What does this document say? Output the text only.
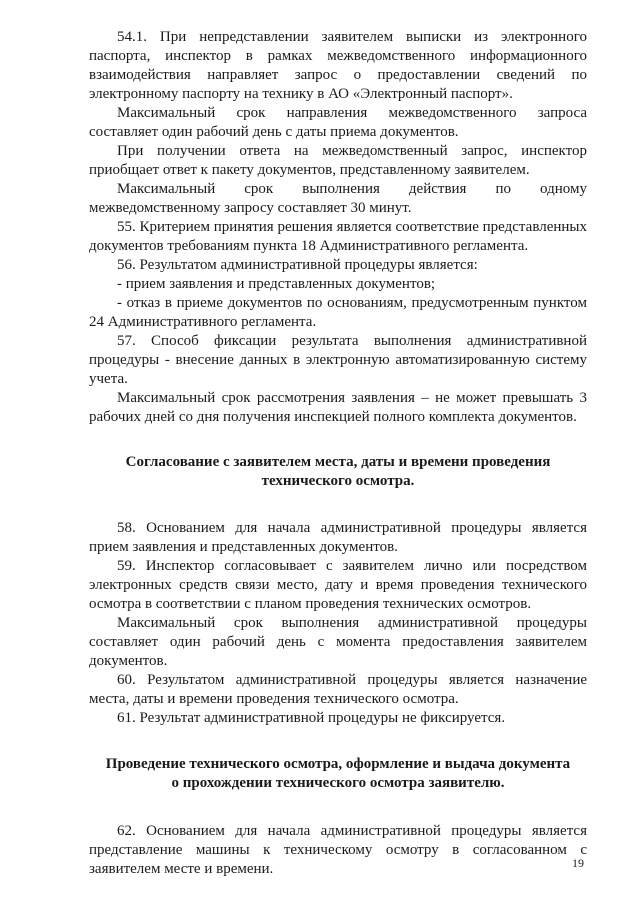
54.1. При непредставлении заявителем выписки из электронного паспорта, инспектор в рамках межведомственного информационного взаимодействия направляет запрос о предоставлении сведений по электронному паспорту на технику в АО «Электронный паспорт».

Максимальный срок направления межведомственного запроса составляет один рабочий день с даты приема документов.

При получении ответа на межведомственный запрос, инспектор приобщает ответ к пакету документов, представленному заявителем.

Максимальный срок выполнения действия по одному межведомственному запросу составляет 30 минут.

55. Критерием принятия решения является соответствие представленных документов требованиям пункта 18 Административного регламента.

56. Результатом административной процедуры является:

- прием заявления и представленных документов;

- отказ в приеме документов по основаниям, предусмотренным пунктом 24 Административного регламента.

57. Способ фиксации результата выполнения административной процедуры - внесение данных в электронную автоматизированную систему учета.

Максимальный срок рассмотрения заявления – не может превышать 3 рабочих дней со дня получения инспекцией полного комплекта документов.

Согласование с заявителем места, даты и времени проведения технического осмотра.

58. Основанием для начала административной процедуры является прием заявления и представленных документов.

59. Инспектор согласовывает с заявителем лично или посредством электронных средств связи место, дату и время проведения технического осмотра в соответствии с планом проведения технических осмотров.

Максимальный срок выполнения административной процедуры составляет один рабочий день с момента предоставления заявителем документов.

60. Результатом административной процедуры является назначение места, даты и времени проведения технического осмотра.

61. Результат административной процедуры не фиксируется.

Проведение технического осмотра, оформление и выдача документа о прохождении технического осмотра заявителю.

62. Основанием для начала административной процедуры является представление машины к техническому осмотру в согласованном с заявителем месте и времени.	19
